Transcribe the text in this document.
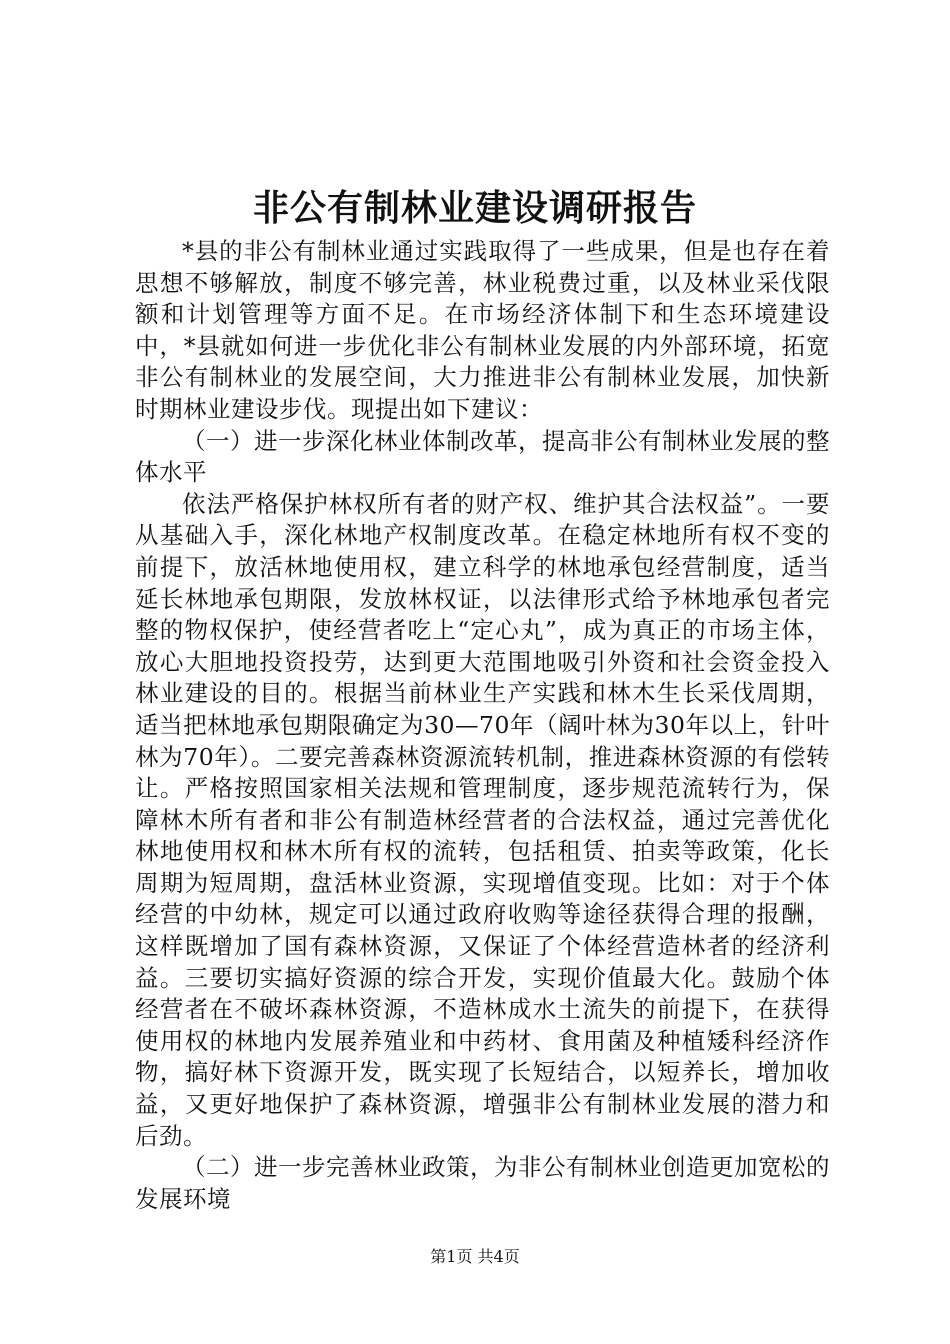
非公有制林业建设调研报告

*县的非公有制林业通过实践取得了一些成果，但是也存在着思想不够解放，制度不够完善，林业税费过重，以及林业采伐限额和计划管理等方面不足。在市场经济体制下和生态环境建设中，*县就如何进一步优化非公有制林业发展的内外部环境，拓宽非公有制林业的发展空间，大力推进非公有制林业发展，加快新时期林业建设步伐。现提出如下建议：

（一）进一步深化林业体制改革，提高非公有制林业发展的整体水平

依法严格保护林权所有者的财产权、维护其合法权益”。一要从基础入手，深化林地产权制度改革。在稳定林地所有权不变的前提下，放活林地使用权，建立科学的林地承包经营制度，适当延长林地承包期限，发放林权证，以法律形式给予林地承包者完整的物权保护，使经营者吃上“定心丸”，成为真正的市场主体，放心大胆地投资投劳，达到更大范围地吸引外资和社会资金投入林业建设的目的。根据当前林业生产实践和林木生长采伐周期，适当把林地承包期限确定为30—70年（阔叶林为30年以上，针叶林为70年）。二要完善森林资源流转机制，推进森林资源的有偿转让。严格按照国家相关法规和管理制度，逐步规范流转行为，保障林木所有者和非公有制造林经营者的合法权益，通过完善优化林地使用权和林木所有权的流转，包括租赁、拍卖等政策，化长周期为短周期，盘活林业资源，实现增值变现。比如：对于个体经营的中幼林，规定可以通过政府收购等途径获得合理的报酬，这样既增加了国有森林资源，又保证了个体经营造林者的经济利益。三要切实搞好资源的综合开发，实现价值最大化。鼓励个体经营者在不破坏森林资源，不造林成水土流失的前提下，在获得使用权的林地内发展养殖业和中药材、食用菌及种植矮科经济作物，搞好林下资源开发，既实现了长短结合，以短养长，增加收益，又更好地保护了森林资源，增强非公有制林业发展的潜力和后劲。

（二）进一步完善林业政策，为非公有制林业创造更加宽松的发展环境

第1页 共4页
